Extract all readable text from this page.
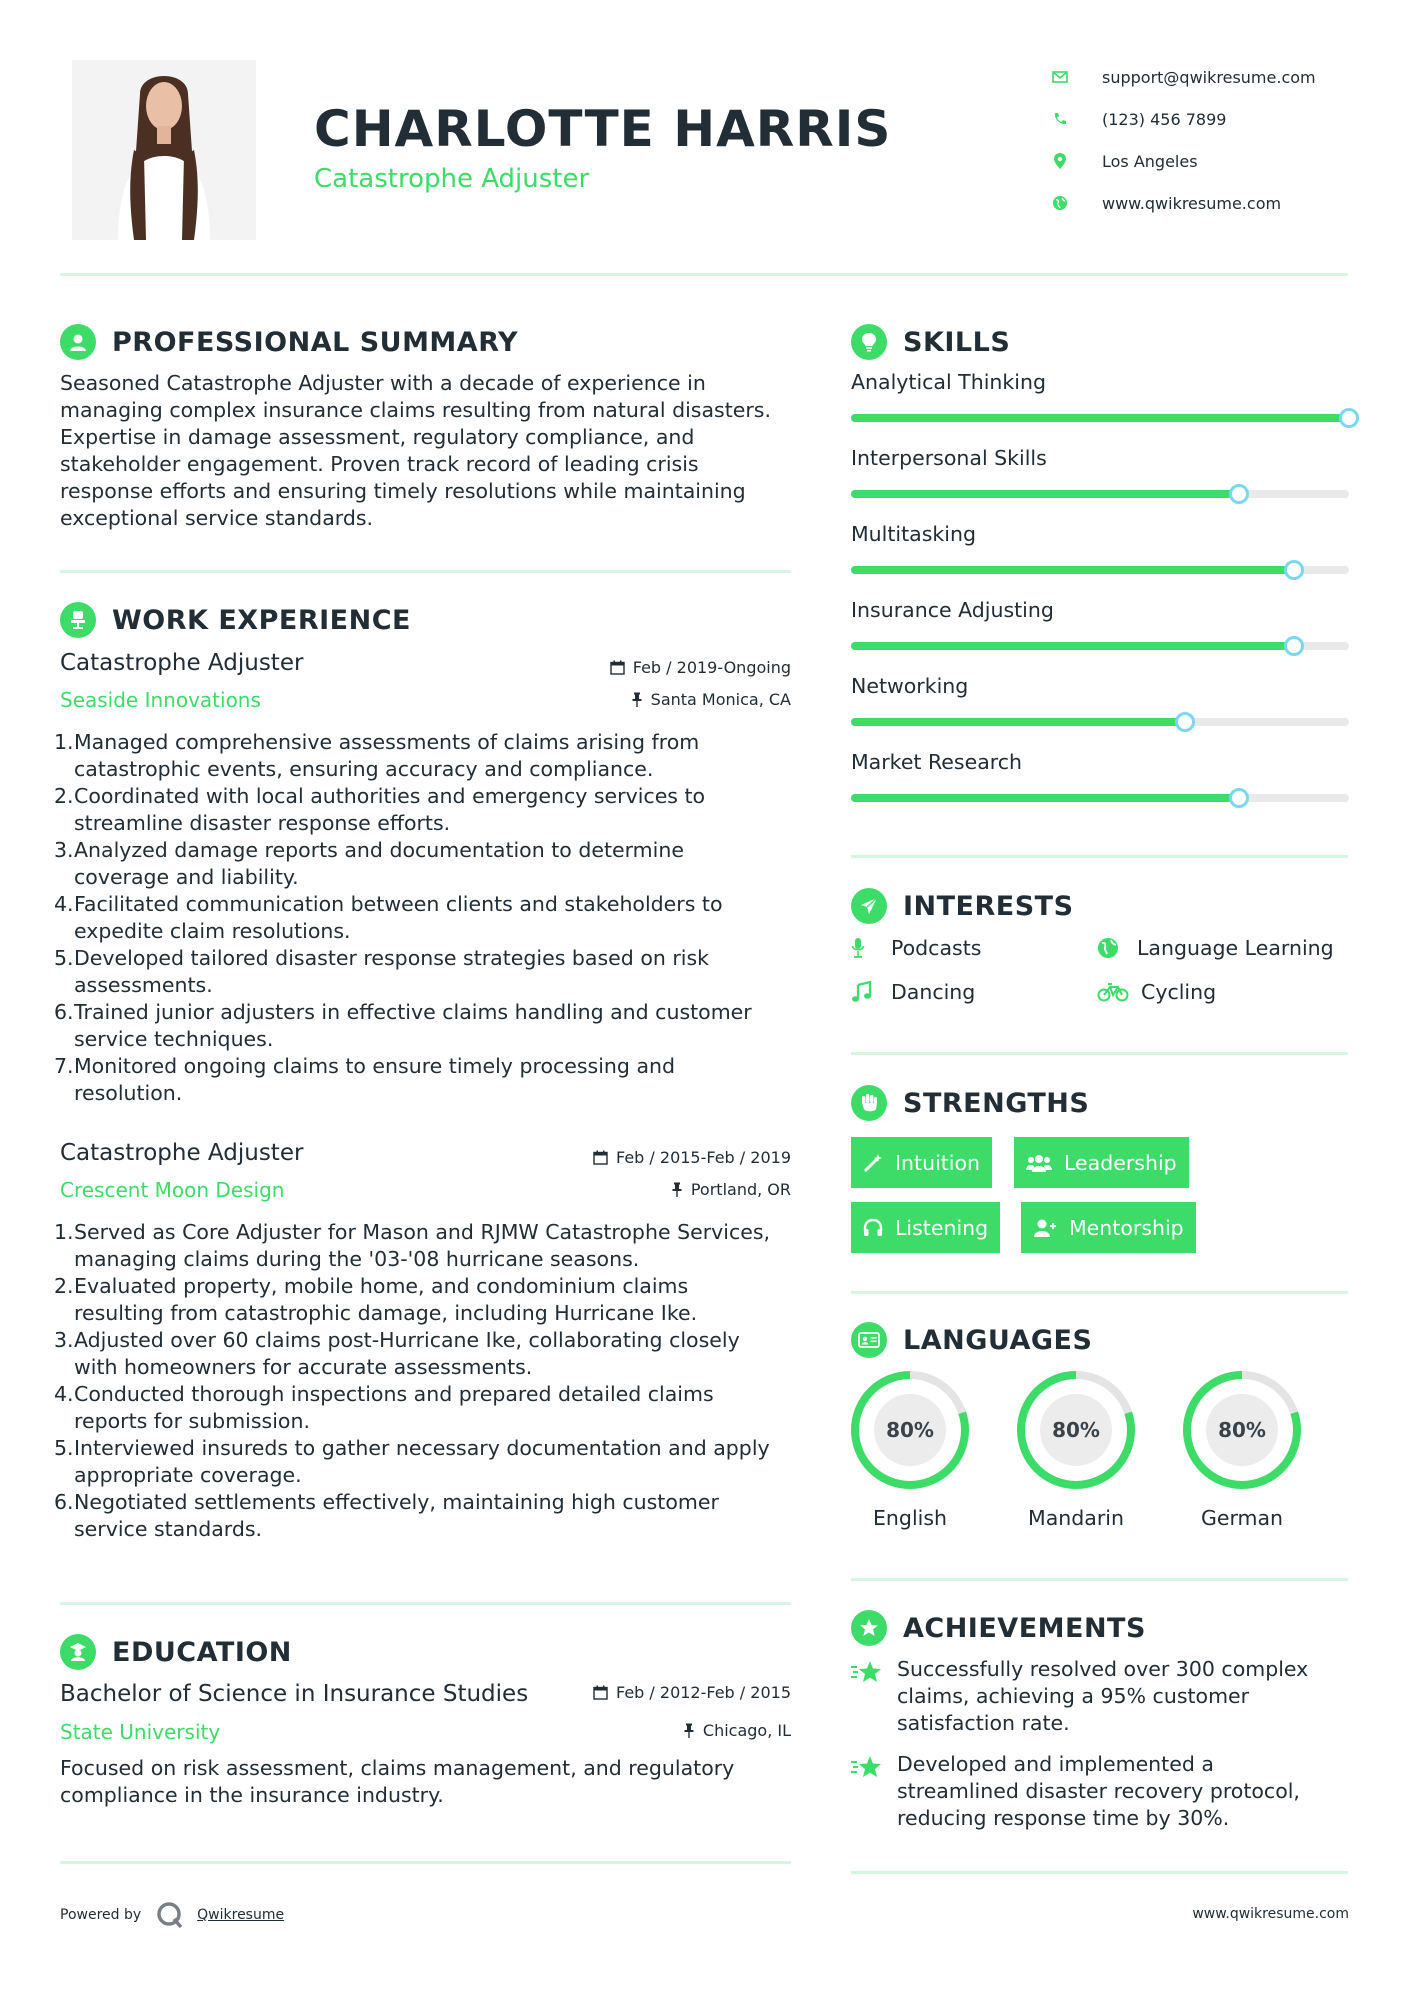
CHARLOTTE HARRIS
Catastrophe Adjuster
support@qwikresume.com
(123) 456 7899
Los Angeles
www.qwikresume.com
PROFESSIONAL SUMMARY
Seasoned Catastrophe Adjuster with a decade of experience in
managing complex insurance claims resulting from natural disasters.
Expertise in damage assessment, regulatory compliance, and
stakeholder engagement. Proven track record of leading crisis
response efforts and ensuring timely resolutions while maintaining
exceptional service standards.
WORK EXPERIENCE
Catastrophe Adjuster
Seaside Innovations
Feb / 2019-Ongoing
Santa Monica, CA
1. Managed comprehensive assessments of claims arising from
catastrophic events, ensuring accuracy and compliance.
2. Coordinated with local authorities and emergency services to
streamline disaster response efforts.
3. Analyzed damage reports and documentation to determine
coverage and liability.
4. Facilitated communication between clients and stakeholders to
expedite claim resolutions.
5. Developed tailored disaster response strategies based on risk
assessments.
6. Trained junior adjusters in effective claims handling and customer
service techniques.
7. Monitored ongoing claims to ensure timely processing and
resolution.
Catastrophe Adjuster
Crescent Moon Design
Feb / 2015-Feb / 2019
Portland, OR
1. Served as Core Adjuster for Mason and RJMW Catastrophe Services,
managing claims during the '03-'08 hurricane seasons.
2. Evaluated property, mobile home, and condominium claims
resulting from catastrophic damage, including Hurricane Ike.
3. Adjusted over 60 claims post-Hurricane Ike, collaborating closely
with homeowners for accurate assessments.
4. Conducted thorough inspections and prepared detailed claims
reports for submission.
5. Interviewed insureds to gather necessary documentation and apply
appropriate coverage.
6. Negotiated settlements effectively, maintaining high customer
service standards.
EDUCATION
Bachelor of Science in Insurance Studies
State University
Feb / 2012-Feb / 2015
Chicago, IL
Focused on risk assessment, claims management, and regulatory
compliance in the insurance industry.
SKILLS
Analytical Thinking
Interpersonal Skills
Multitasking
Insurance Adjusting
Networking
Market Research
INTERESTS
Podcasts	Language Learning
Dancing	Cycling
STRENGTHS
Intuition	Leadership
Listening	Mentorship
LANGUAGES
80%
English
80%
Mandarin
80%
German
ACHIEVEMENTS
Successfully resolved over 300 complex
claims, achieving a 95% customer
satisfaction rate.
Developed and implemented a
streamlined disaster recovery protocol,
reducing response time by 30%.
Powered by	Qwikresume	www.qwikresume.com
